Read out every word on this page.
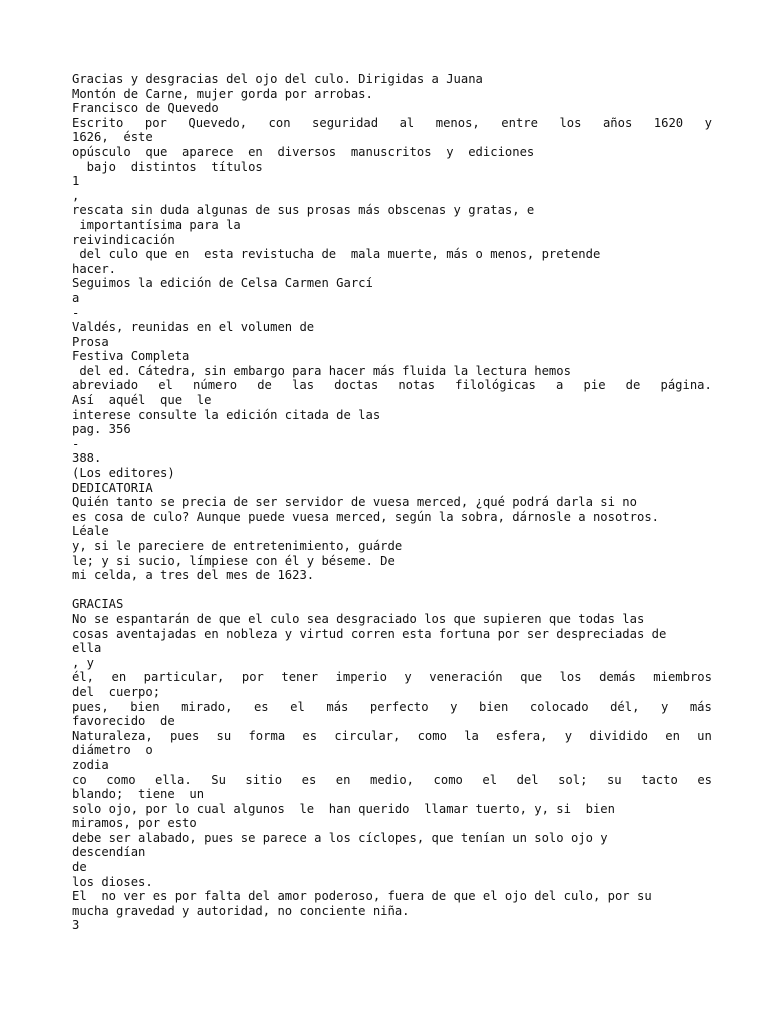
Gracias y desgracias del ojo del culo. Dirigidas a Juana
Montón de Carne, mujer gorda por arrobas.
Francisco de Quevedo
Escrito por Quevedo, con seguridad al menos, entre los años 1620 y
1626,  éste
opúsculo  que  aparece  en  diversos  manuscritos  y  ediciones
bajo  distintos  títulos
1
,
rescata sin duda algunas de sus prosas más obscenas y gratas, e
importantísima para la
reivindicación
del culo que en  esta revistucha de  mala muerte, más o menos, pretende
hacer.
Seguimos la edición de Celsa Carmen Garcí
a
-
Valdés, reunidas en el volumen de
Prosa
Festiva Completa
del ed. Cátedra, sin embargo para hacer más fluida la lectura hemos
abreviado el número de las doctas notas filológicas a pie de página.
Así  aquél  que  le
interese consulte la edición citada de las
pag. 356
-
388.
(Los editores)
DEDICATORIA
Quién tanto se precia de ser servidor de vuesa merced, ¿qué podrá darla si no
es cosa de culo? Aunque puede vuesa merced, según la sobra, dárnosle a nosotros.
Léale
y, si le pareciere de entretenimiento, guárde
le; y si sucio, límpiese con él y béseme. De
mi celda, a tres del mes de 1623.
GRACIAS
No se espantarán de que el culo sea desgraciado los que supieren que todas las
cosas aventajadas en nobleza y virtud corren esta fortuna por ser despreciadas de
ella
, y
él, en particular, por tener imperio y veneración que los demás miembros
del  cuerpo;
pues, bien mirado, es el más perfecto y bien colocado dél, y más
favorecido  de
Naturaleza, pues su forma es circular, como la esfera, y dividido en un
diámetro  o
zodia
co como ella. Su sitio es en medio, como el del sol; su tacto es
blando;  tiene  un
solo ojo, por lo cual algunos  le  han querido  llamar tuerto, y, si  bien
miramos, por esto
debe ser alabado, pues se parece a los cíclopes, que tenían un solo ojo y
descendían
de
los dioses.
El  no ver es por falta del amor poderoso, fuera de que el ojo del culo, por su
mucha gravedad y autoridad, no conciente niña.
3
